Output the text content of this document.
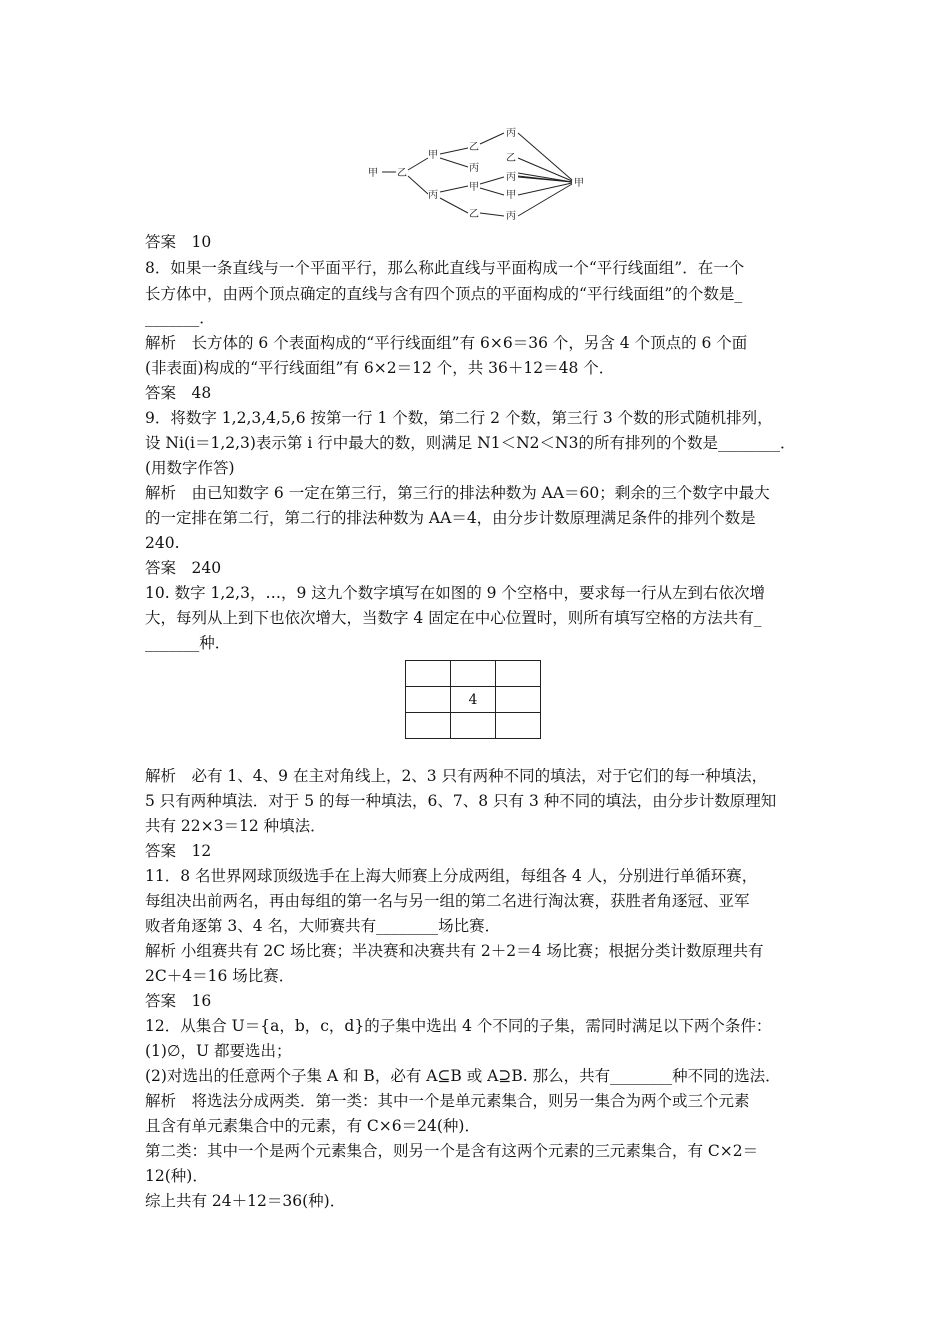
甲 乙
甲
丙
乙
丙
甲
乙
丙
乙
丙
甲
丙
甲
答案　10
8．如果一条直线与一个平面平行，那么称此直线与平面构成一个“平行线面组”．在一个
长方体中，由两个顶点确定的直线与含有四个顶点的平面构成的“平行线面组”的个数是_
_______．
解析　长方体的 6 个表面构成的“平行线面组”有 6×6＝36 个，另含 4 个顶点的 6 个面
(非表面)构成的“平行线面组”有 6×2＝12 个，共 36＋12＝48 个．
答案　48
9．将数字 1,2,3,4,5,6 按第一行 1 个数，第二行 2 个数，第三行 3 个数的形式随机排列，
设 Ni(i＝1,2,3)表示第 i 行中最大的数，则满足 N1＜N2＜N3的所有排列的个数是________．
(用数字作答)
解析　由已知数字 6 一定在第三行，第三行的排法种数为 AA＝60；剩余的三个数字中最大
的一定排在第二行，第二行的排法种数为 AA＝4，由分步计数原理满足条件的排列个数是
240.
答案　240
10. 数字 1,2,3，…，9 这九个数字填写在如图的 9 个空格中，要求每一行从左到右依次增
大，每列从上到下也依次增大，当数字 4 固定在中心位置时，则所有填写空格的方法共有_
_______种．

	4	

解析　必有 1、4、9 在主对角线上，2、3 只有两种不同的填法，对于它们的每一种填法，
5 只有两种填法．对于 5 的每一种填法，6、7、8 只有 3 种不同的填法，由分步计数原理知
共有 22×3＝12 种填法．
答案　12
11．8 名世界网球顶级选手在上海大师赛上分成两组，每组各 4 人，分别进行单循环赛，
每组决出前两名，再由每组的第一名与另一组的第二名进行淘汰赛，获胜者角逐冠、亚军
败者角逐第 3、4 名，大师赛共有________场比赛．
解析 小组赛共有 2C 场比赛；半决赛和决赛共有 2＋2＝4 场比赛；根据分类计数原理共有
2C＋4＝16 场比赛．
答案　16
12．从集合 U＝{a，b，c，d}的子集中选出 4 个不同的子集，需同时满足以下两个条件：
(1)∅，U 都要选出；
(2)对选出的任意两个子集 A 和 B，必有 A⊆B 或 A⊇B. 那么，共有________种不同的选法．
解析　将选法分成两类．第一类：其中一个是单元素集合，则另一集合为两个或三个元素
且含有单元素集合中的元素，有 C×6＝24(种)．
第二类：其中一个是两个元素集合，则另一个是含有这两个元素的三元素集合，有 C×2＝
12(种)．
综上共有 24＋12＝36(种)．
